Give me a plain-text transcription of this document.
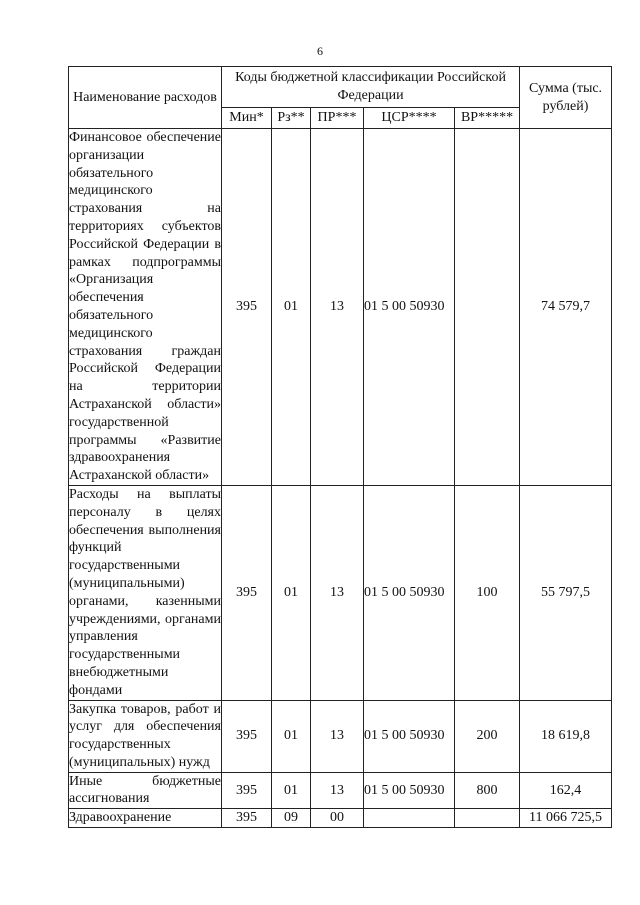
6
Наименование расходов	Коды бюджетной классификации Российской Федерации					Сумма (тыс. рублей)
	Мин*	Рз**	ПР***	ЦСР****	ВР*****	
Финансовое обеспечение организации обязательного медицинского страхования на территориях субъектов Российской Федерации в рамках подпрограммы «Организация обеспечения обязательного медицинского страхования граждан Российской Федерации на территории Астраханской области» государственной программы «Развитие здравоохранения Астраханской области»	395	01	13	01 5 00 50930		74 579,7
Расходы на выплаты персоналу в целях обеспечения выполнения функций государственными (муниципальными) органами, казенными учреждениями, органами управления государственными внебюджетными фондами	395	01	13	01 5 00 50930	100	55 797,5
Закупка товаров, работ и услуг для обеспечения государственных (муниципальных) нужд	395	01	13	01 5 00 50930	200	18 619,8
Иные бюджетные ассигнования	395	01	13	01 5 00 50930	800	162,4
Здравоохранение	395	09	00			11 066 725,5
